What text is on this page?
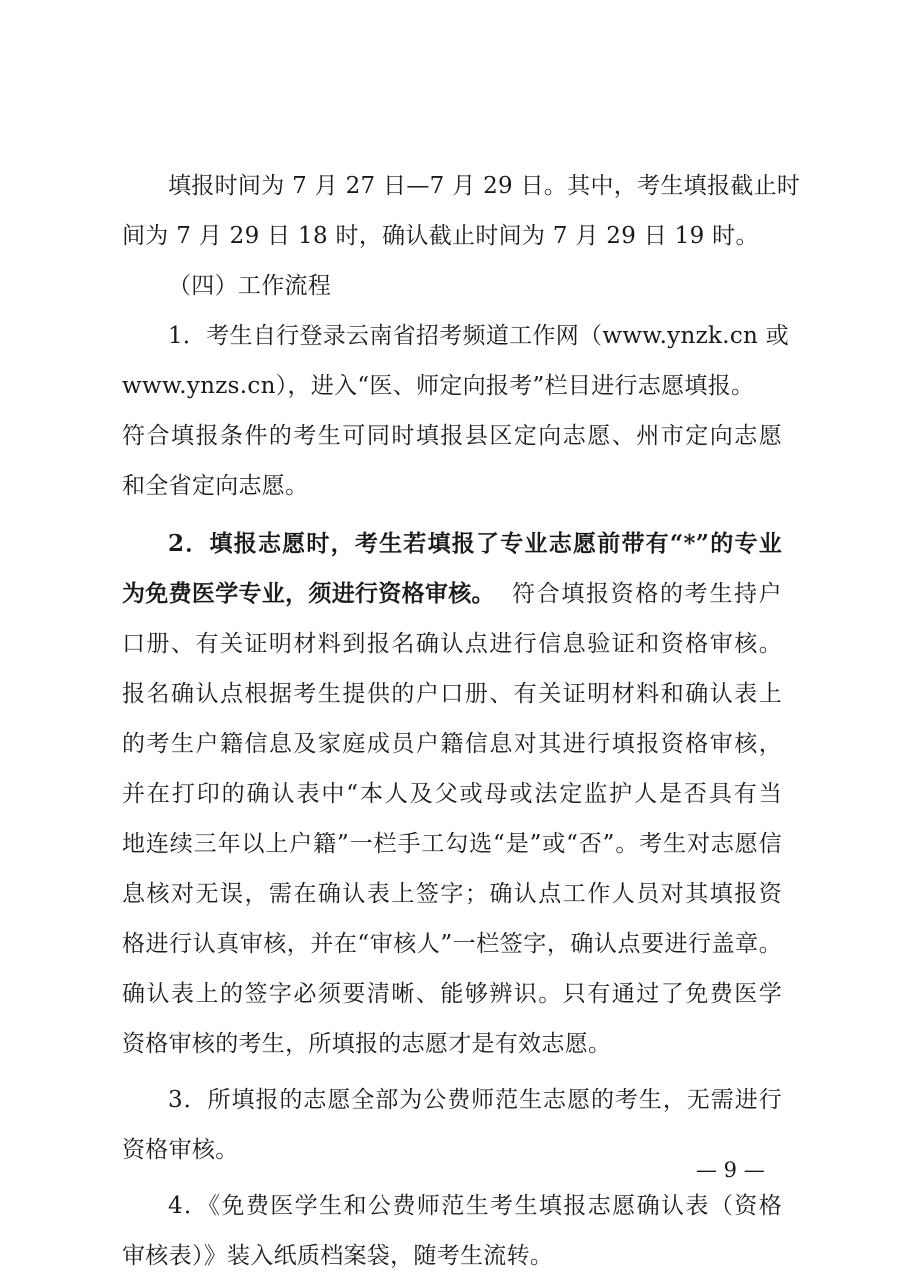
填报时间为 7 月 27 日—7 月 29 日。其中，考生填报截止时
间为 7 月 29 日 18 时，确认截止时间为 7 月 29 日 19 时。
（四）工作流程
1．考生自行登录云南省招考频道工作网（www.ynzk.cn 或
www.ynzs.cn），进入“医、师定向报考”栏目进行志愿填报。
符合填报条件的考生可同时填报县区定向志愿、州市定向志愿
和全省定向志愿。
2．填报志愿时，考生若填报了专业志愿前带有“*”的专业
为免费医学专业，须进行资格审核。 符合填报资格的考生持户
口册、有关证明材料到报名确认点进行信息验证和资格审核。
报名确认点根据考生提供的户口册、有关证明材料和确认表上
的考生户籍信息及家庭成员户籍信息对其进行填报资格审核，
并在打印的确认表中“本人及父或母或法定监护人是否具有当
地连续三年以上户籍”一栏手工勾选“是”或“否”。考生对志愿信
息核对无误，需在确认表上签字；确认点工作人员对其填报资
格进行认真审核，并在“审核人”一栏签字，确认点要进行盖章。
确认表上的签字必须要清晰、能够辨识。只有通过了免费医学
资格审核的考生，所填报的志愿才是有效志愿。
3．所填报的志愿全部为公费师范生志愿的考生，无需进行
资格审核。
4．《免费医学生和公费师范生考生填报志愿确认表（资格
审核表）》装入纸质档案袋，随考生流转。
— 9 —
